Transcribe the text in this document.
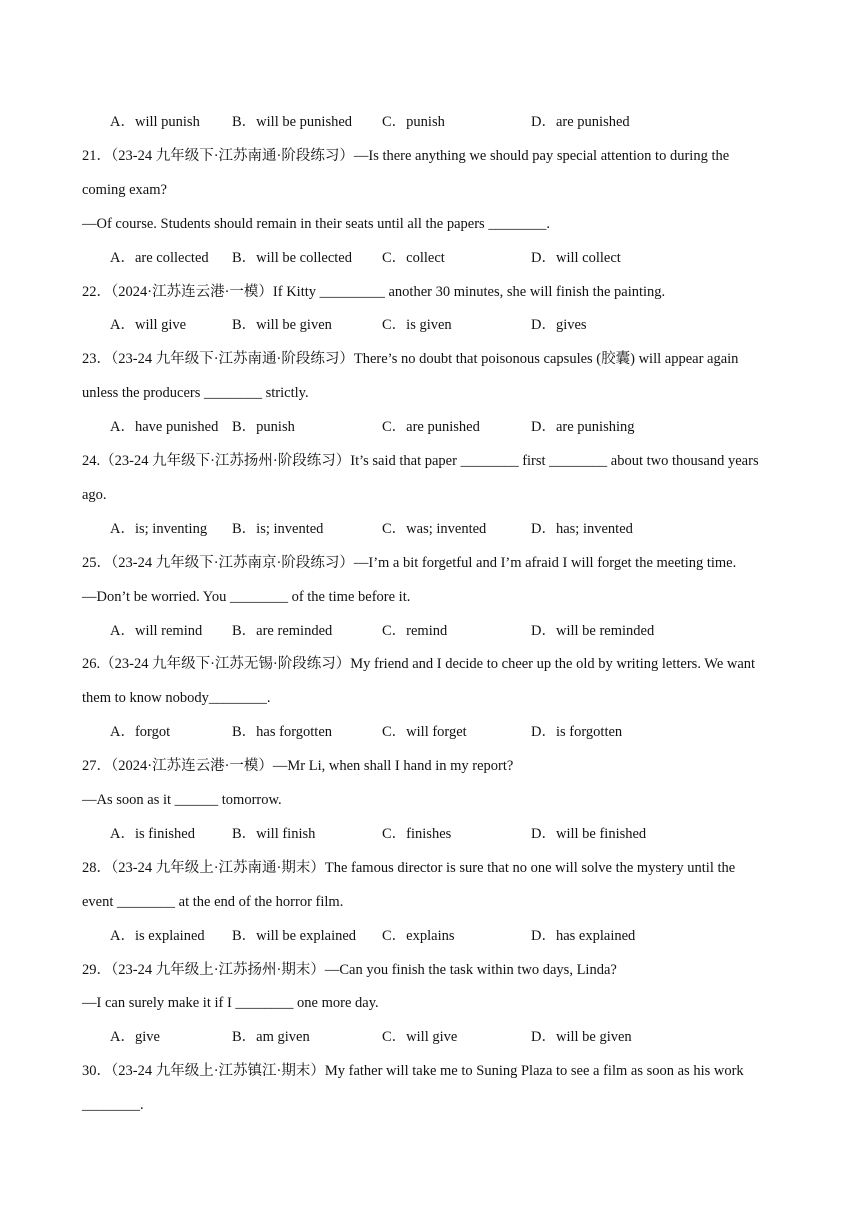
A．will punish B．will be punished C．punish	D．are punished
21．（23-24 九年级下·江苏南通·阶段练习）—Is there anything we should pay special attention to during the
coming exam?
—Of course. Students should remain in their seats until all the papers ________.
A．are collected B．will be collected C．collect	D．will collect
22．（2024·江苏连云港·一模）If Kitty _________ another 30 minutes, she will finish the painting.
A．will give	B．will be given	C．is given	D．gives
23．（23-24 九年级下·江苏南通·阶段练习）There’s no doubt that poisonous capsules (胶囊) will appear again
unless the producers ________ strictly.
A．have punished B．punish	C．are punished	D．are punishing
24.（23-24 九年级下·江苏扬州·阶段练习）It’s said that paper ________ first ________ about two thousand years
ago.
A．is; inventing B．is; invented	C．was; invented	D．has; invented
25．（23-24 九年级下·江苏南京·阶段练习）—I’m a bit forgetful and I’m afraid I will forget the meeting time.
—Don’t be worried. You ________ of the time before it.
A．will remind B．are reminded	C．remind	D．will be reminded
26.（23-24 九年级下·江苏无锡·阶段练习）My friend and I decide to cheer up the old by writing letters. We want
them to know nobody________.
A．forgot	B．has forgotten	C．will forget	D．is forgotten
27．（2024·江苏连云港·一模）—Mr Li, when shall I hand in my report?
—As soon as it ______ tomorrow.
A．is finished	B．will finish	C．finishes	D．will be finished
28．（23-24 九年级上·江苏南通·期末）The famous director is sure that no one will solve the mystery until the
event ________ at the end of the horror film.
A．is explained B．will be explained C．explains	D．has explained
29．（23-24 九年级上·江苏扬州·期末）—Can you finish the task within two days, Linda?
—I can surely make it if I ________ one more day.
A．give	B．am given	C．will give	D．will be given
30．（23-24 九年级上·江苏镇江·期末）My father will take me to Suning Plaza to see a film as soon as his work
________.
